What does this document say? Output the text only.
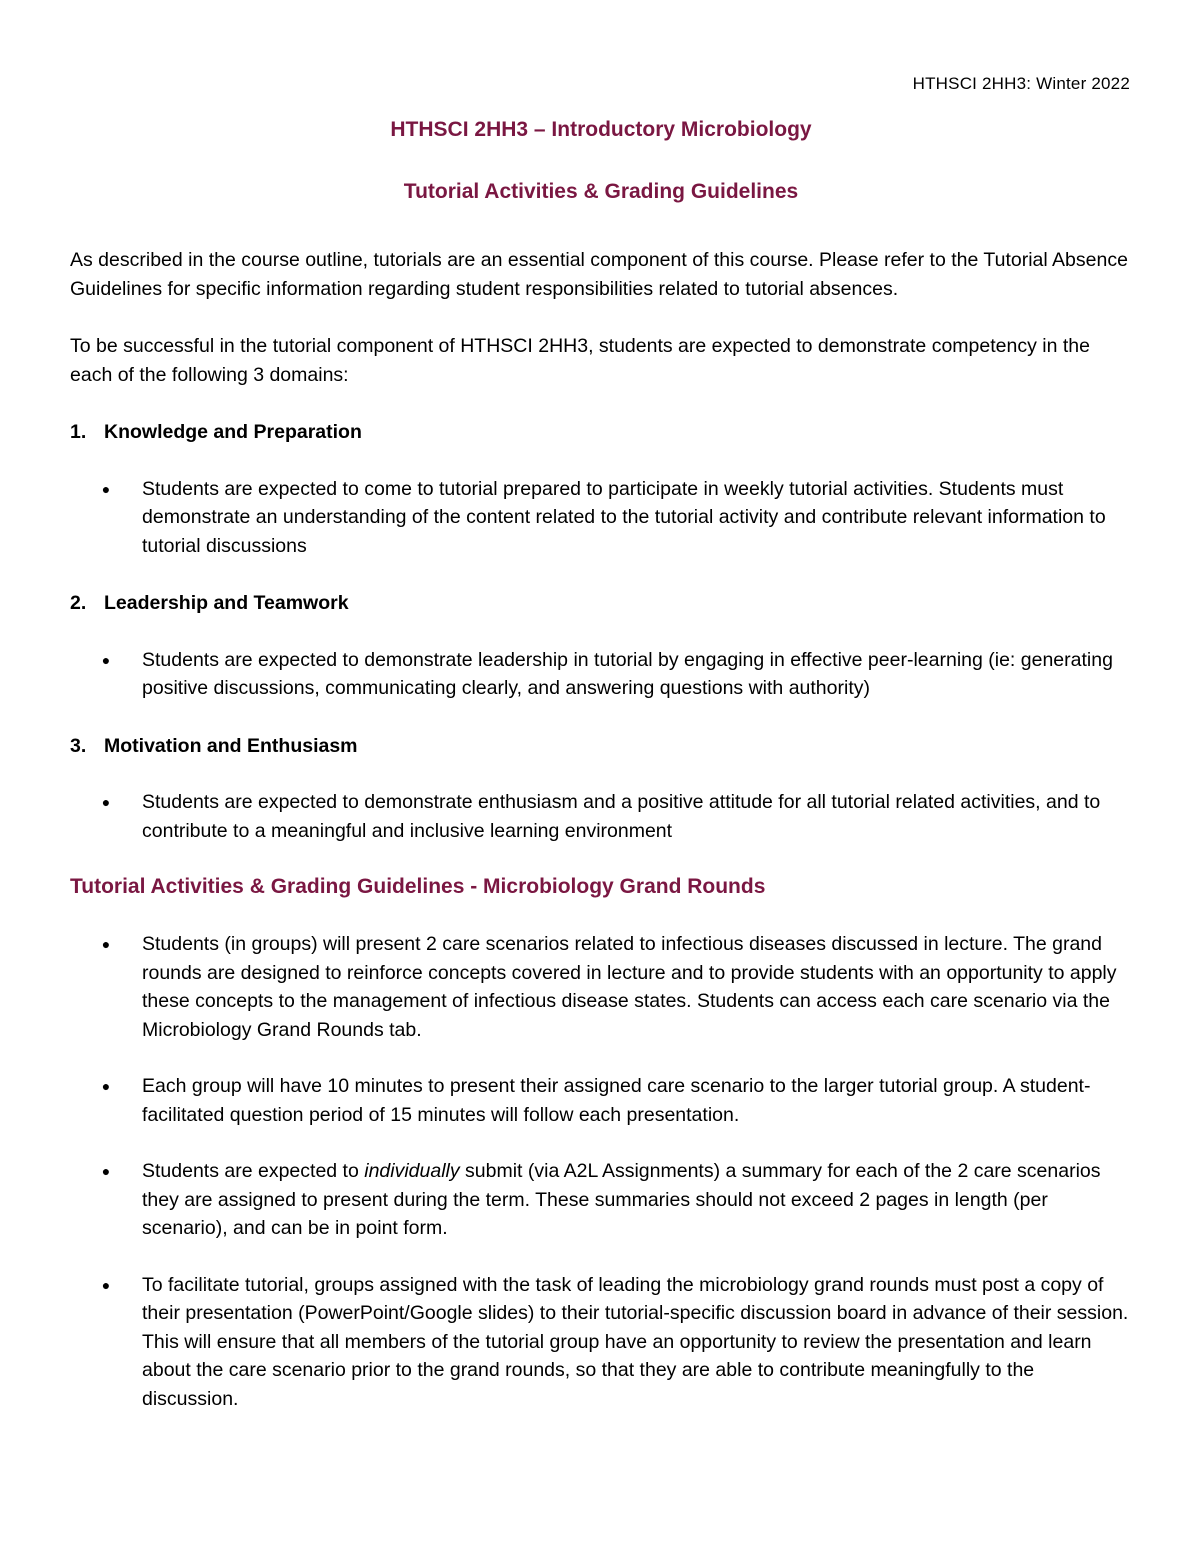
HTHSCI 2HH3: Winter 2022
HTHSCI 2HH3 – Introductory Microbiology
Tutorial Activities & Grading Guidelines

As described in the course outline, tutorials are an essential component of this course. Please refer to the Tutorial Absence Guidelines for specific information regarding student responsibilities related to tutorial absences.

To be successful in the tutorial component of HTHSCI 2HH3, students are expected to demonstrate competency in the each of the following 3 domains:

1. Knowledge and Preparation

●	Students are expected to come to tutorial prepared to participate in weekly tutorial activities. Students must demonstrate an understanding of the content related to the tutorial activity and contribute relevant information to tutorial discussions

2. Leadership and Teamwork

●	Students are expected to demonstrate leadership in tutorial by engaging in effective peer-learning (ie: generating positive discussions, communicating clearly, and answering questions with authority)

3. Motivation and Enthusiasm

●	Students are expected to demonstrate enthusiasm and a positive attitude for all tutorial related activities, and to contribute to a meaningful and inclusive learning environment
Tutorial Activities & Grading Guidelines - Microbiology Grand Rounds
●	Students (in groups) will present 2 care scenarios related to infectious diseases discussed in lecture. The grand rounds are designed to reinforce concepts covered in lecture and to provide students with an opportunity to apply these concepts to the management of infectious disease states. Students can access each care scenario via the Microbiology Grand Rounds tab.
●	Each group will have 10 minutes to present their assigned care scenario to the larger tutorial group. A student-facilitated question period of 15 minutes will follow each presentation.
●	Students are expected to individually submit (via A2L Assignments) a summary for each of the 2 care scenarios they are assigned to present during the term. These summaries should not exceed 2 pages in length (per scenario), and can be in point form.
●	To facilitate tutorial, groups assigned with the task of leading the microbiology grand rounds must post a copy of their presentation (PowerPoint/Google slides) to their tutorial-specific discussion board in advance of their session. This will ensure that all members of the tutorial group have an opportunity to review the presentation and learn about the care scenario prior to the grand rounds, so that they are able to contribute meaningfully to the discussion.
